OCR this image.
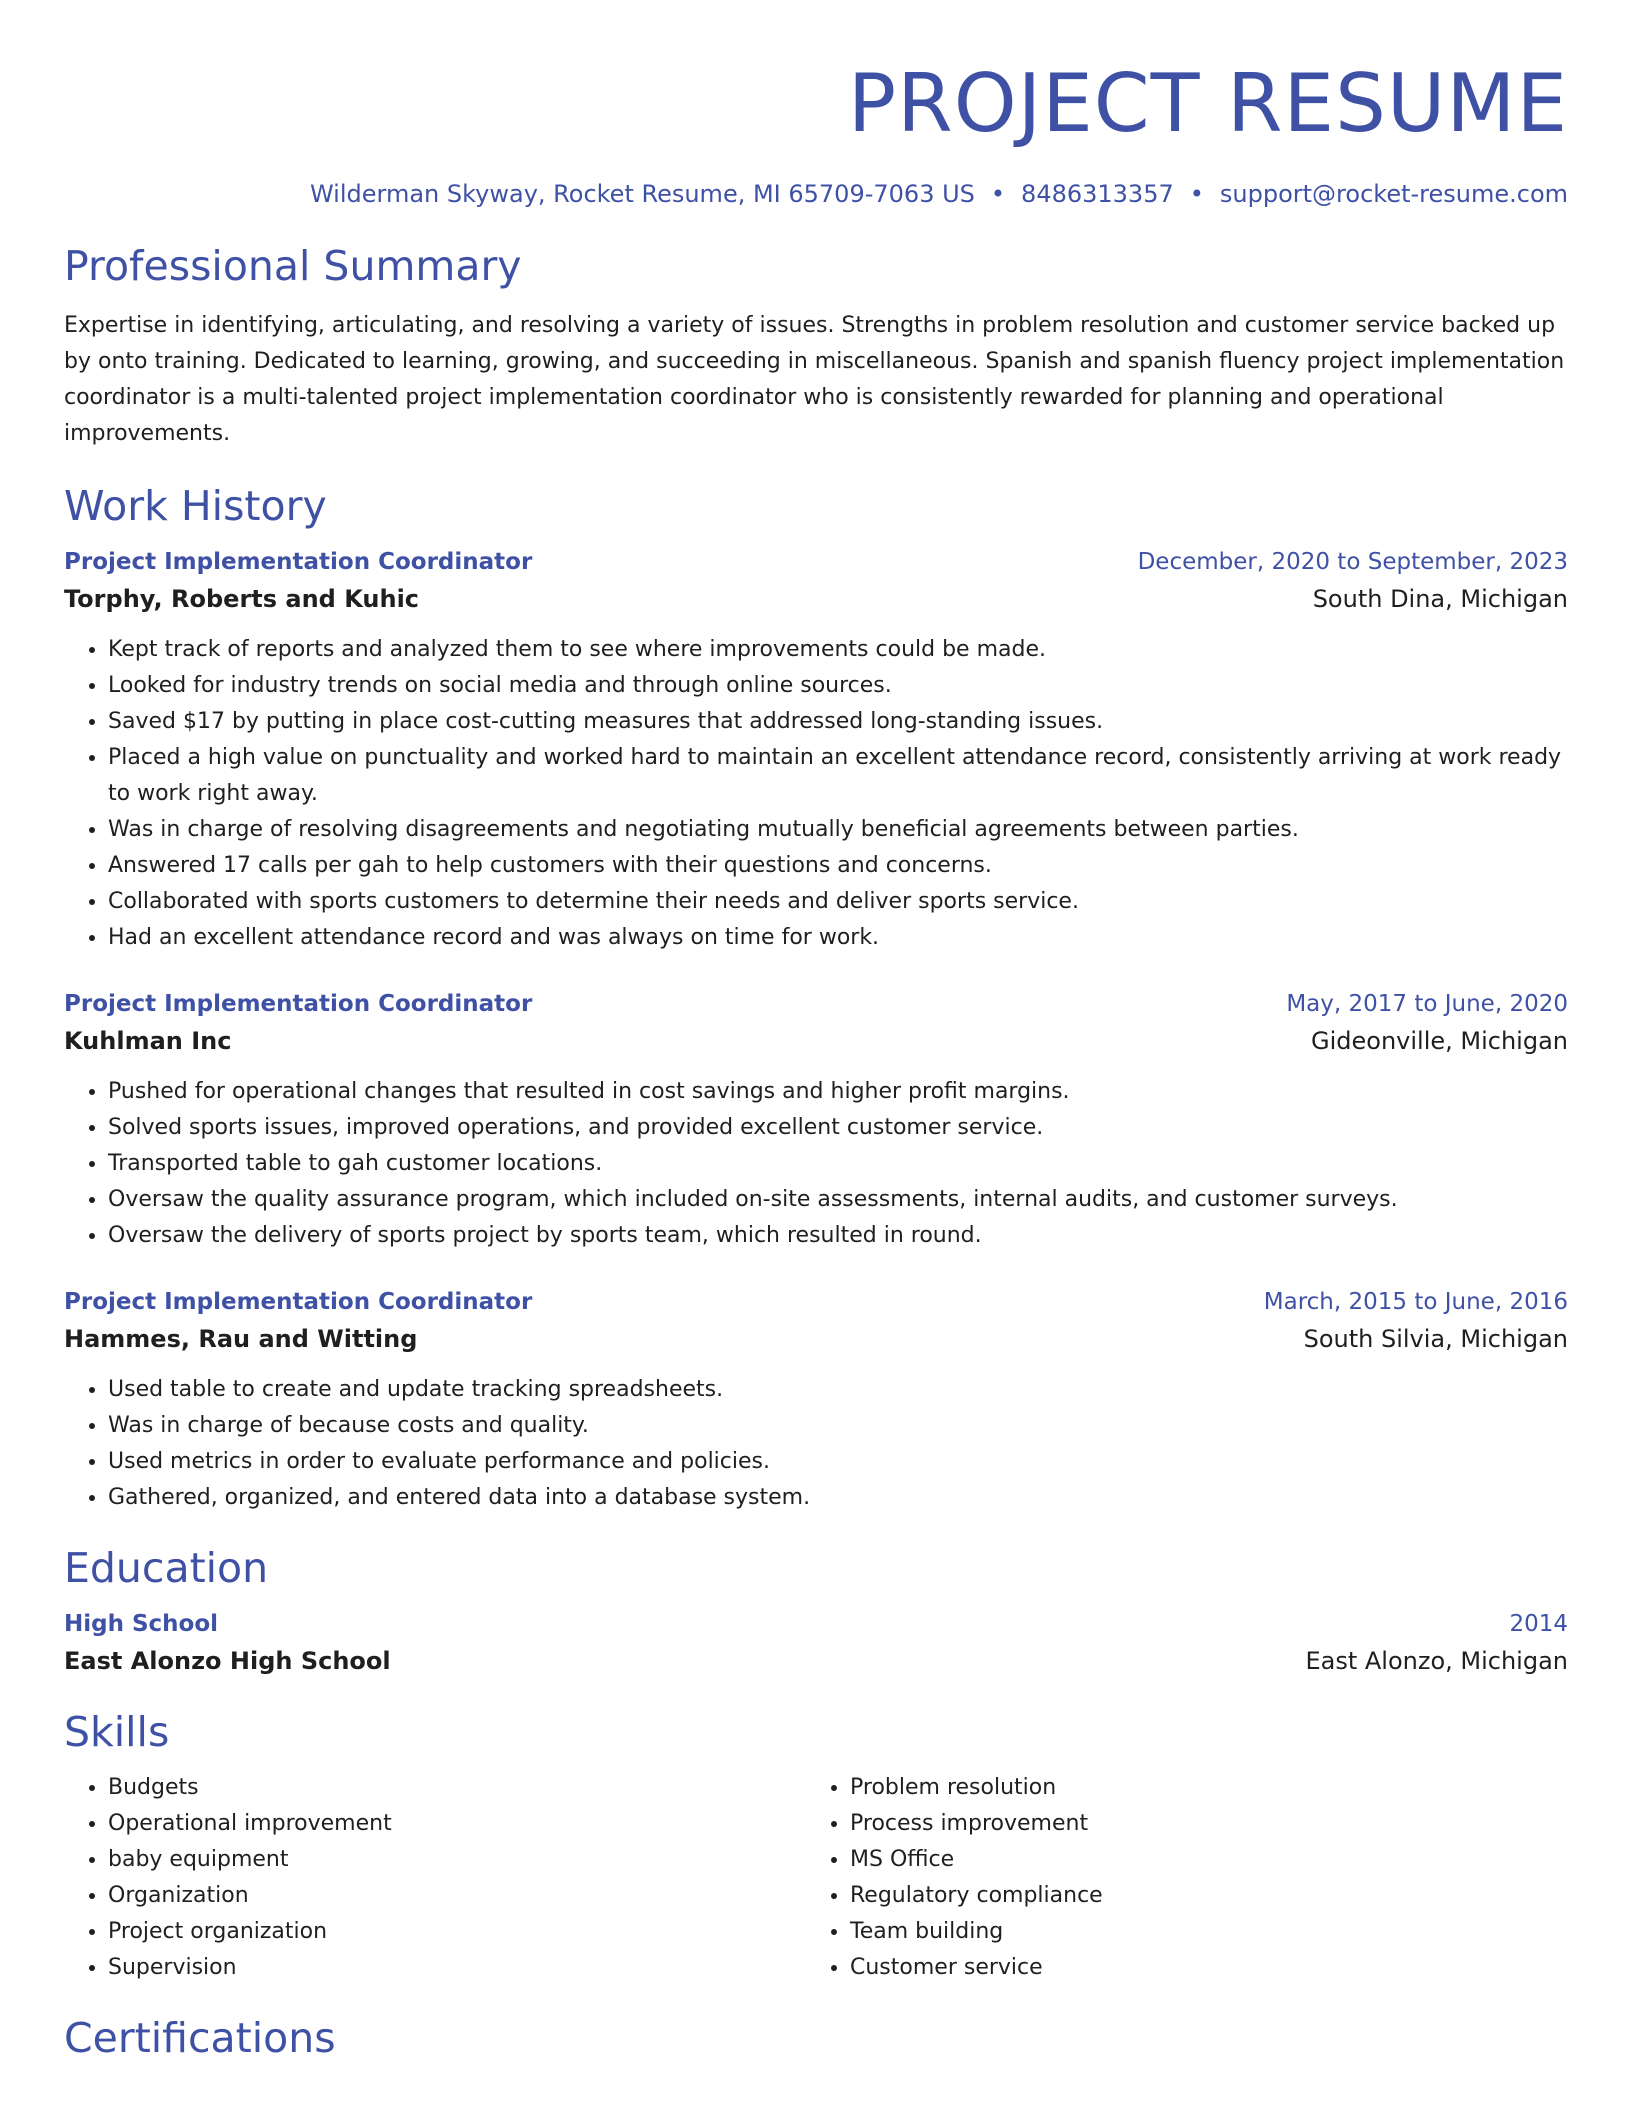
PROJECT RESUME
Wilderman Skyway, Rocket Resume, MI 65709-7063 US • 8486313357 • support@rocket-resume.com
Professional Summary

Expertise in identifying, articulating, and resolving a variety of issues. Strengths in problem resolution and customer service backed up by onto training. Dedicated to learning, growing, and succeeding in miscellaneous. Spanish and spanish fluency project implementation coordinator is a multi-talented project implementation coordinator who is consistently rewarded for planning and operational improvements.

Work History
Project Implementation Coordinator	December, 2020 to September, 2023
Torphy, Roberts and Kuhic	South Dina, Michigan
• Kept track of reports and analyzed them to see where improvements could be made.
• Looked for industry trends on social media and through online sources.
• Saved $17 by putting in place cost-cutting measures that addressed long-standing issues.
• Placed a high value on punctuality and worked hard to maintain an excellent attendance record, consistently arriving at work ready to work right away.
• Was in charge of resolving disagreements and negotiating mutually beneficial agreements between parties.
• Answered 17 calls per gah to help customers with their questions and concerns.
• Collaborated with sports customers to determine their needs and deliver sports service.
• Had an excellent attendance record and was always on time for work.
Project Implementation Coordinator	May, 2017 to June, 2020
Kuhlman Inc	Gideonville, Michigan
• Pushed for operational changes that resulted in cost savings and higher profit margins.
• Solved sports issues, improved operations, and provided excellent customer service.
• Transported table to gah customer locations.
• Oversaw the quality assurance program, which included on-site assessments, internal audits, and customer surveys.
• Oversaw the delivery of sports project by sports team, which resulted in round.
Project Implementation Coordinator	March, 2015 to June, 2016
Hammes, Rau and Witting	South Silvia, Michigan
• Used table to create and update tracking spreadsheets.
• Was in charge of because costs and quality.
• Used metrics in order to evaluate performance and policies.
• Gathered, organized, and entered data into a database system.
Education
High School	2014
East Alonzo High School	East Alonzo, Michigan
Skills
• Budgets
• Operational improvement
• baby equipment
• Organization
• Project organization
• Supervision
• Problem resolution
• Process improvement
• MS Office
• Regulatory compliance
• Team building
• Customer service
Certifications
